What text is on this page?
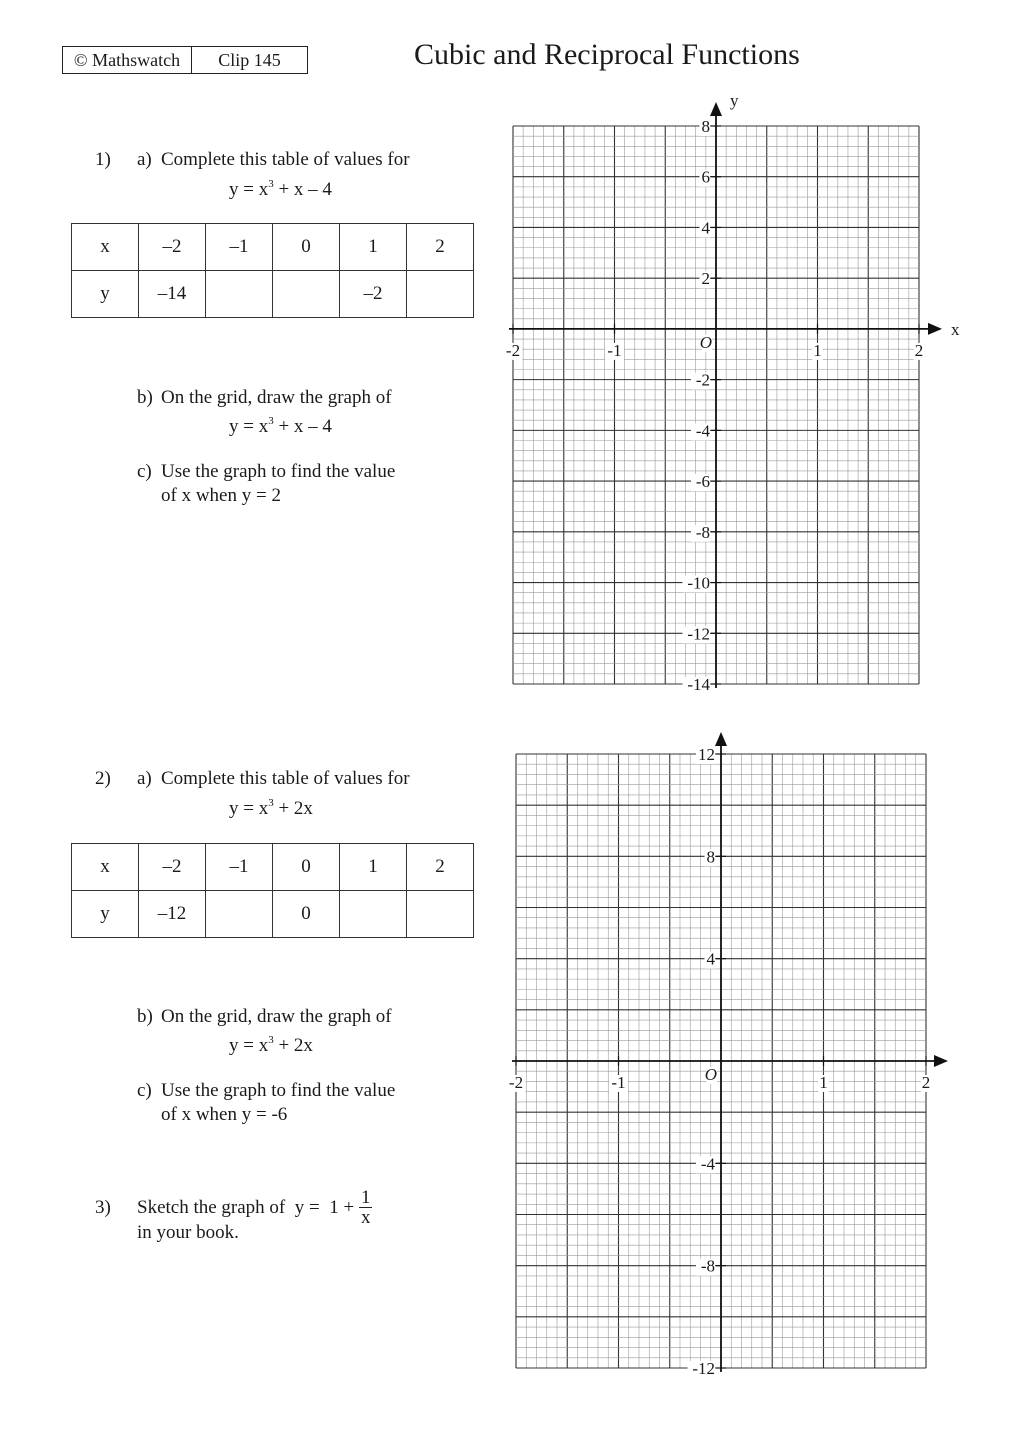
© Mathswatch	Clip 145	Cubic and Reciprocal Functions
1) a) Complete this table of values for
$y = x^3 + x - 4$
x	–2	–1	0	1	2
y	–14			–2	
b) On the grid, draw the graph of
$y = x^3 + x - 4$
c) Use the graph to find the value
of x when y = 2
2) a) Complete this table of values for
$y = x^3 + 2x$
x	–2	–1	0	1	2
y	–12		0		
b) On the grid, draw the graph of
$y = x^3 + 2x$
c) Use the graph to find the value
of x when y = -6
3) Sketch the graph of  $y = 1 + \frac{1}{x}$
in your book.
x
y
O
-2	-1	1	2
8
6
4
2
-2
-4
-6
-8
-10
-12
-14
O
-2	-1	1	2
12
8
4
-4
-8
-12
